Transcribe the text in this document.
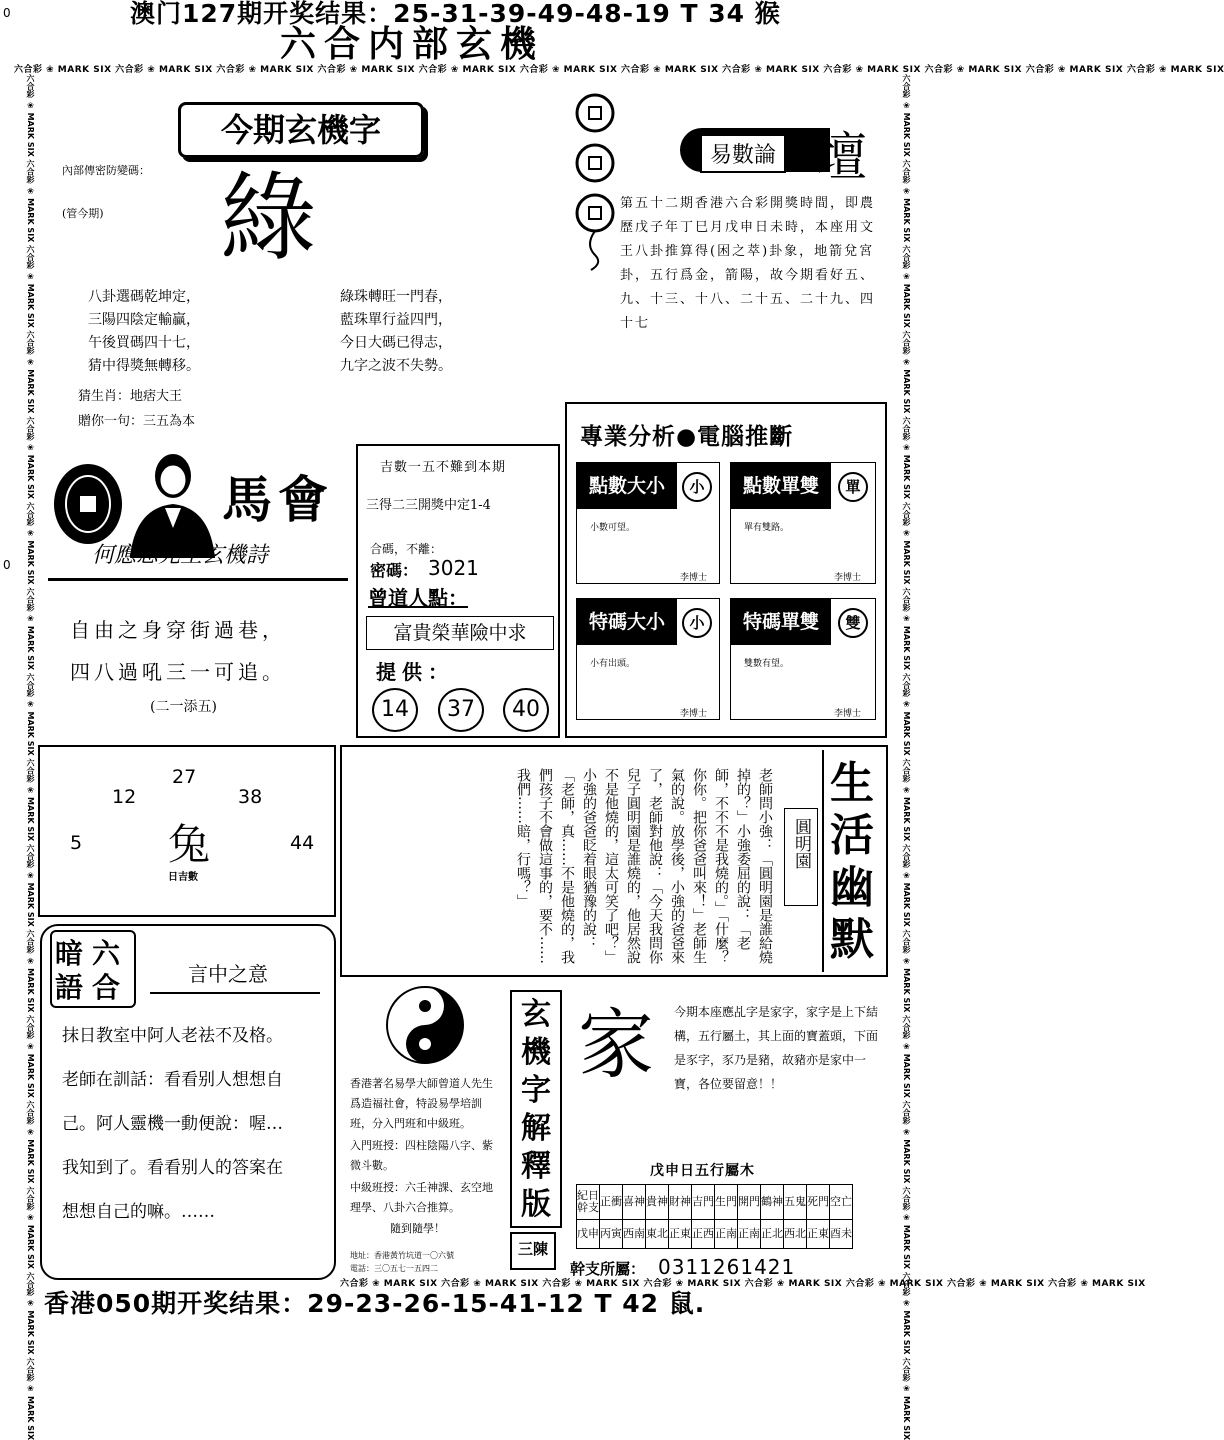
澳门127期开奖结果：25-31-39-49-48-19 T 34 猴
六合内部玄機
0
0
六合彩 ❀ MARK SIX 六合彩 ❀ MARK SIX 六合彩 ❀ MARK SIX 六合彩 ❀ MARK SIX 六合彩 ❀ MARK SIX 六合彩 ❀ MARK SIX 六合彩 ❀ MARK SIX 六合彩 ❀ MARK SIX 六合彩 ❀ MARK SIX 六合彩 ❀ MARK SIX 六合彩 ❀ MARK SIX 六合彩 ❀ MARK SIX
六合彩 ❀ MARK SIX 六合彩 ❀ MARK SIX 六合彩 ❀ MARK SIX 六合彩 ❀ MARK SIX 六合彩 ❀ MARK SIX 六合彩 ❀ MARK SIX 六合彩 ❀ MARK SIX 六合彩 ❀ MARK SIX
六合彩 ❀ MARK SIX 六合彩 ❀ MARK SIX 六合彩 ❀ MARK SIX 六合彩 ❀ MARK SIX 六合彩 ❀ MARK SIX 六合彩 ❀ MARK SIX 六合彩 ❀ MARK SIX 六合彩 ❀ MARK SIX 六合彩 ❀ MARK SIX 六合彩 ❀ MARK SIX 六合彩 ❀ MARK SIX 六合彩 ❀ MARK SIX 六合彩 ❀ MARK SIX 六合彩 ❀ MARK SIX 六合彩 ❀ MARK SIX 六合彩 ❀ MARK SIX	六合彩 ❀ MARK SIX 六合彩 ❀ MARK SIX 六合彩 ❀ MARK SIX 六合彩 ❀ MARK SIX 六合彩 ❀ MARK SIX 六合彩 ❀ MARK SIX 六合彩 ❀ MARK SIX 六合彩 ❀ MARK SIX 六合彩 ❀ MARK SIX 六合彩 ❀ MARK SIX 六合彩 ❀ MARK SIX 六合彩 ❀ MARK SIX 六合彩 ❀ MARK SIX 六合彩 ❀ MARK SIX 六合彩 ❀ MARK SIX 六合彩 ❀ MARK SIX
今期玄機字
內部傳密防變碼：
(管今期) 綠
八卦選碼乾坤定，
三陽四陰定輸贏，
午後買碼四十七，
猜中得獎無轉移。
綠珠轉旺一門春，
藍珠單行益四門，
今日大碼已得志，
九字之波不失勢。
猜生肖：地痞大王
贈你一句：三五為本
易數論 壇
第五十二期香港六合彩開獎時間，即農歷戊子年丁巳月戊申日未時，本座用文王八卦推算得(困之萃)卦象，地箭兌宮卦，五行爲金，箭陽，故今期看好五、九、十三、十八、二十五、二十九、四十七
馬會
何應忠先生玄機詩
自由之身穿街過巷，
四八過吼三一可追。
(二一添五)
吉數一五不難到本期
三得二三開獎中定1-4
合碼，不離：
密碼： 3021
曾道人點：
富貴榮華險中求
提供：
14	37	40
專業分析●電腦推斷
點數大小	小
小數可望。
李博士
點數單雙	單
單有雙路。
李博士
特碼大小	小
小有出頭。
李博士
特碼單雙	雙
雙數有望。
李博士
27
12	38
5	44
兔
日吉數	老師問小強：「圓明園是誰給燒掉的？」小強委屈的說：「老師，不不不是我燒的。」「什麼？你你。把你爸爸叫來！」老師生氣的說。放學後，小強的爸爸來了，老師對他說：「今天我問你兒子圓明園是誰燒的，他居然說不是他燒的，這太可笑了吧？」小強的爸爸眨着眼猶豫的說：「老師，真……不是他燒的，我們孩子不會做這事的，要不……我們……賠，行嗎？」	圓明園
生活幽默
暗 六
語 合	言中之意
抹日教室中阿人老祛不及格。
老師在訓話：看看别人想想自
己。阿人靈機一動便說：喔…
我知到了。看看别人的答案在
想想自己的嘛。……
香港著名易學大師曾道人先生爲造福社會，特設易學培訓班，分入門班和中級班。
入門班授：四柱陰陽八字、紫微斗數。
中級班授：六壬神課、玄空地理學、八卦六合推算。
隨到隨學！
地址：香港黃竹坑道一〇六號
電話：三〇五七一五四二
玄機字解釋版
三陳
家 今期本座應乩字是家字，家字是上下結構，五行屬土，其上面的寶蓋頭，下面是豕字，豕乃是豬，故豬亦是家中一寶，各位要留意！！
戊申日五行屬木
紀日幹支	正衝	喜神	貴神	財神	吉門	生門	開門	鶴神	五鬼	死門	空亡
戊申	丙寅	西南	東北	正東	正西	正南	正南	正北	西北	正東	酉未
幹支所屬： 0311261421
香港050期开奖结果：29-23-26-15-41-12 T 42 鼠.
